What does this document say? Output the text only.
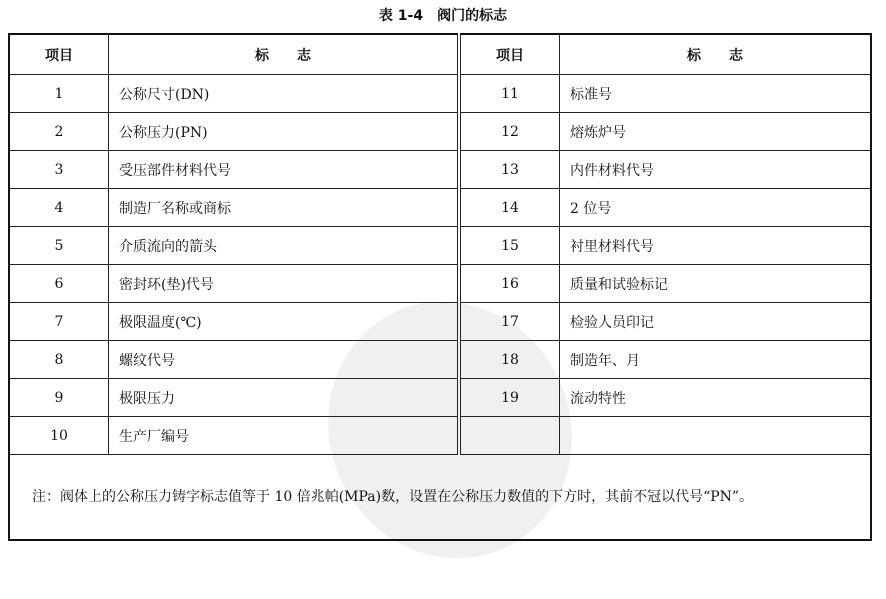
表 1-4　阀门的标志
项目	标　　志	项目	标　　志
1	公称尺寸(DN)	11	标准号
2	公称压力(PN)	12	熔炼炉号
3	受压部件材料代号	13	内件材料代号
4	制造厂名称或商标	14	2 位号
5	介质流向的箭头	15	衬里材料代号
6	密封环(垫)代号	16	质量和试验标记
7	极限温度(℃)	17	检验人员印记
8	螺纹代号	18	制造年、月
9	极限压力	19	流动特性
10	生产厂编号		
注：阀体上的公称压力铸字标志值等于 10 倍兆帕(MPa)数，设置在公称压力数值的下方时，其前不冠以代号“PN”。			
